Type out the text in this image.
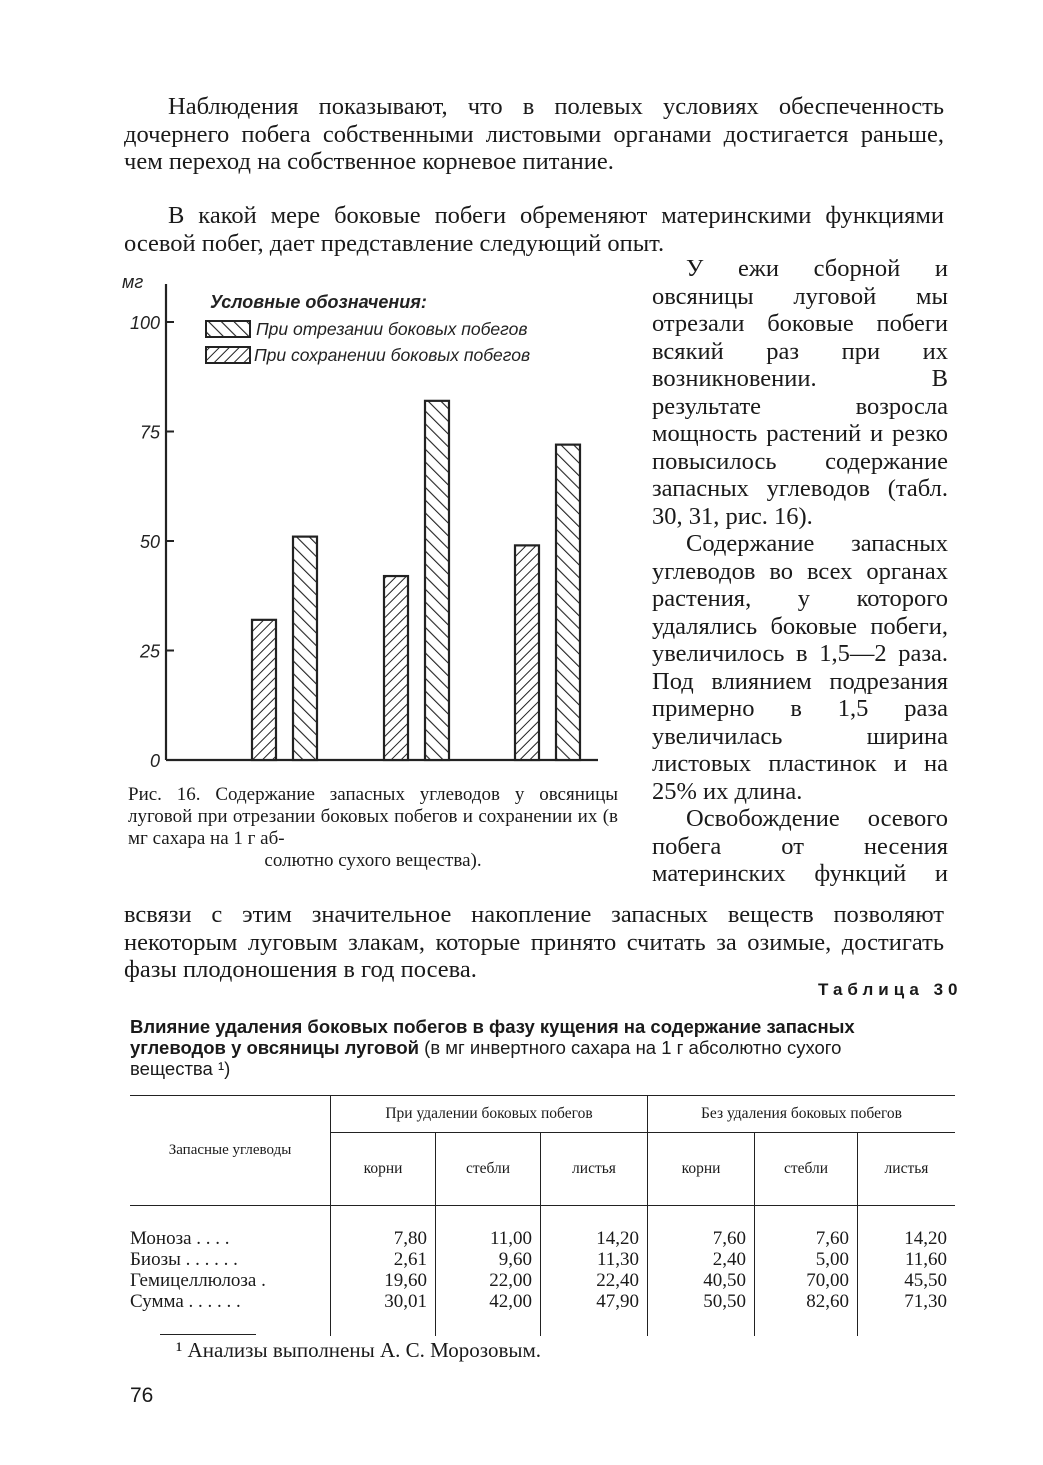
Наблюдения показывают, что в полевых условиях обеспеченность дочернего побега собственными листовыми органами достигается раньше, чем переход на собственное корневое питание.

В какой мере боковые побеги обременяют материнскими функциями осевой побег, дает представление следующий опыт.

мг
0
25
50
75
100
Условные обозначения:
При отрезании боковых побегов
При сохранении боковых побегов
Рис. 16. Содержание запасных углеводов у овсяницы луговой при отрезании боковых побегов и сохранении их (в мг сахара на 1 г аб-
солютно сухого вещества).

У ежи сборной и овсяницы луговой мы отрезали боковые побеги всякий раз при их возникновении. В результате возросла мощность растений и резко повысилось содержание запасных углеводов (табл. 30, 31, рис. 16).

Содержание запасных углеводов во всех органах растения, у которого удалялись боковые побеги, увеличилось в 1,5—2 раза. Под влиянием подрезания примерно в 1,5 раза увеличилась ширина листовых пластинок и на 25% их длина.

Освобождение осевого побега от несения материнских функций и

всвязи с этим значительное накопление запасных веществ позволяют некоторым луговым злакам, которые принято считать за озимые, достигать фазы плодоношения в год посева.

Таблица 30
Влияние удаления боковых побегов в фазу кущения на содержание запасных углеводов у овсяницы луговой (в мг инвертного сахара на 1 г абсолютно сухого вещества ¹)
Запасные углеводы	При удалении боковых побегов			Без удаления боковых побегов		
	корни	стебли	листья	корни	стебли	листья
Моноза . . . .	7,80	11,00	14,20	7,60	7,60	14,20
Биозы . . . . . .	2,61	9,60	11,30	2,40	5,00	11,60
Гемицеллюлоза .	19,60	22,00	22,40	40,50	70,00	45,50
Сумма . . . . . .	30,01	42,00	47,90	50,50	82,60	71,30
¹ Анализы выполнены А. С. Морозовым.
76
